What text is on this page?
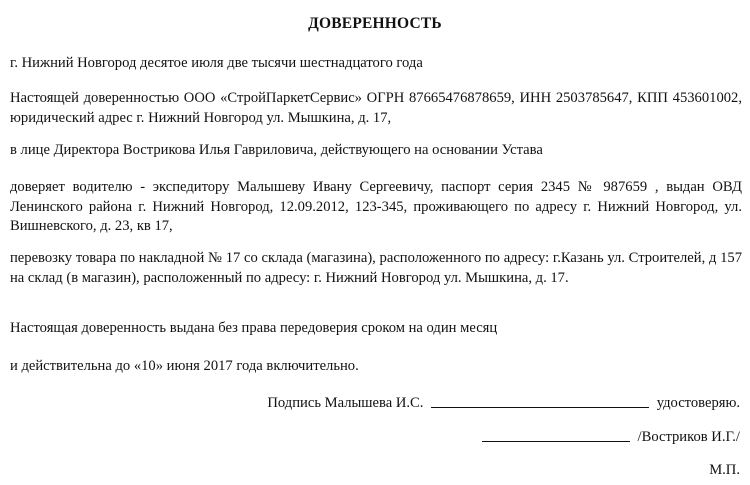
ДОВЕРЕННОСТЬ
г. Нижний Новгород десятое июля две тысячи шестнадцатого года
Настоящей доверенностью ООО «СтройПаркетСервис» ОГРН 87665476878659, ИНН 2503785647, КПП 453601002, юридический адрес г. Нижний Новгород ул. Мышкина, д. 17,
в лице Директора Вострикова Илья Гавриловича, действующего на основании Устава
доверяет водителю - экспедитору Малышеву Ивану Сергеевичу, паспорт серия 2345 № 987659 , выдан ОВД Ленинского района г. Нижний Новгород, 12.09.2012, 123-345, проживающего по адресу г. Нижний Новгород, ул. Вишневского, д. 23, кв 17,
перевозку товара по накладной № 17 со склада (магазина), расположенного по адресу: г.Казань ул. Строителей, д 157 на склад (в магазин), расположенный по адресу: г. Нижний Новгород ул. Мышкина, д. 17.
Настоящая доверенность выдана без права передоверия сроком на один месяц
и действительна до «10» июня 2017 года включительно.
Подпись Малышева И.С.	удостоверяю.
/Востриков И.Г./
М.П.
